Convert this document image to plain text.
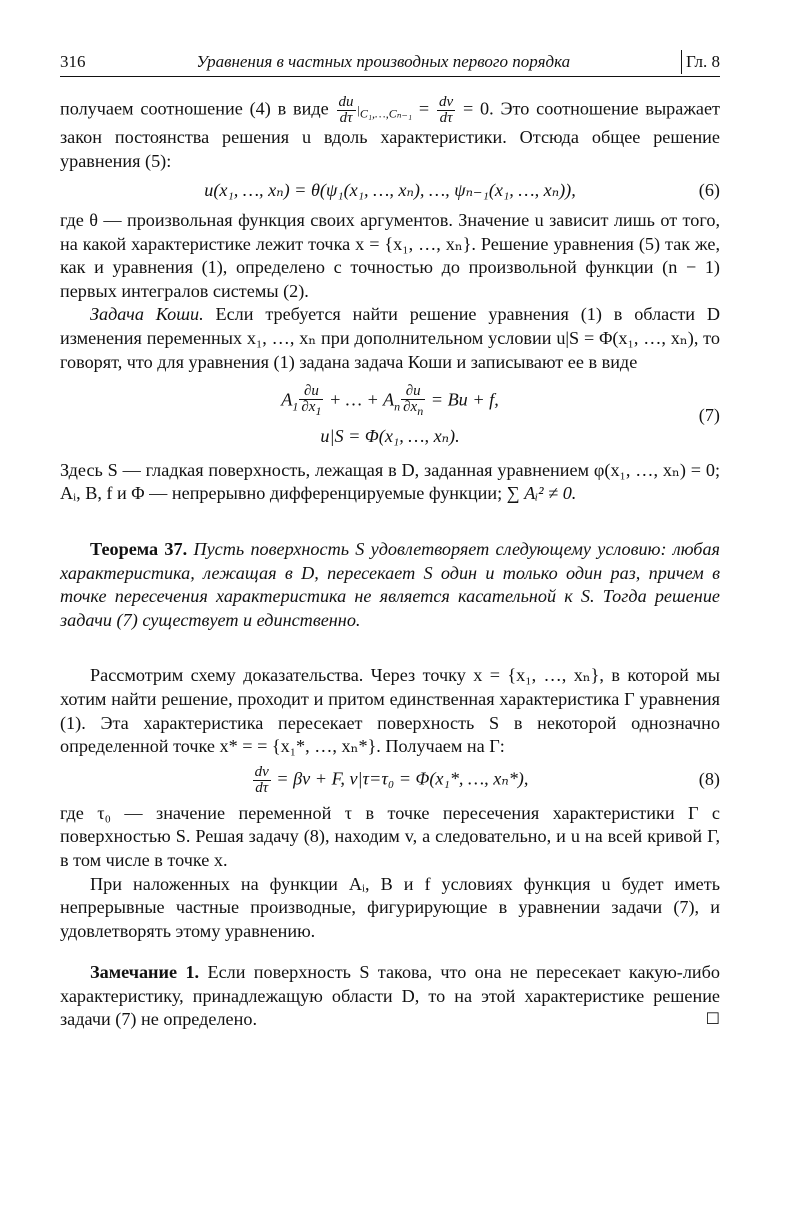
316	Уравнения в частных производных первого порядка	Гл. 8

получаем соотношение (4) в виде $\frac{du}{d\tau} |_{C_1,\dots,C_{n-1}} = \frac{dv}{d\tau} = 0$. Это соотношение выражает закон постоянства решения u вдоль характеристики. Отсюда общее решение уравнения (5):

u(x₁, …, xₙ) = θ(ψ₁(x₁, …, xₙ), …, ψₙ₋₁(x₁, …, xₙ)),	(6)

где θ — произвольная функция своих аргументов. Значение u зависит лишь от того, на какой характеристике лежит точка x = {x₁, …, xₙ}. Решение уравнения (5) так же, как и уравнения (1), определено с точностью до произвольной функции (n − 1) первых интегралов системы (2).

Задача Коши. Если требуется найти решение уравнения (1) в области D изменения переменных x₁, …, xₙ при дополнительном условии u|S = Φ(x₁, …, xₙ), то говорят, что для уравнения (1) задана задача Коши и записывают ее в виде

$A_1 \frac{\partial u}{\partial x_1}$ + … + $A_n \frac{\partial u}{\partial x_n} = Bu + f$,
u|S = Φ(x₁, …, xₙ).
(7)

Здесь S — гладкая поверхность, лежащая в D, заданная уравнением φ(x₁, …, xₙ) = 0; Aᵢ, B, f и Φ — непрерывно дифференцируемые функции; ∑ Aᵢ² ≠ 0.

Теорема 37. Пусть поверхность S удовлетворяет следующему условию: любая характеристика, лежащая в D, пересекает S один и только один раз, причем в точке пересечения характеристика не является касательной к S. Тогда решение задачи (7) существует и единственно.

Рассмотрим схему доказательства. Через точку x = {x₁, …, xₙ}, в которой мы хотим найти решение, проходит и притом единственная характеристика Γ уравнения (1). Эта характеристика пересекает поверхность S в некоторой однозначно определенной точке x* = = {x₁*, …, xₙ*}. Получаем на Γ:

$\frac{dv}{d\tau} = \beta v + F$, v|τ=τ₀ = Φ(x₁*, …, xₙ*),	(8)

где τ₀ — значение переменной τ в точке пересечения характеристики Γ с поверхностью S. Решая задачу (8), находим v, а следовательно, и u на всей кривой Γ, в том числе в точке x.

При наложенных на функции Aᵢ, B и f условиях функция u будет иметь непрерывные частные производные, фигурирующие в уравнении задачи (7), и удовлетворять этому уравнению.

Замечание 1. Если поверхность S такова, что она не пересекает какую-либо характеристику, принадлежащую области D, то на этой характеристике решение задачи (7) не определено.	☐
